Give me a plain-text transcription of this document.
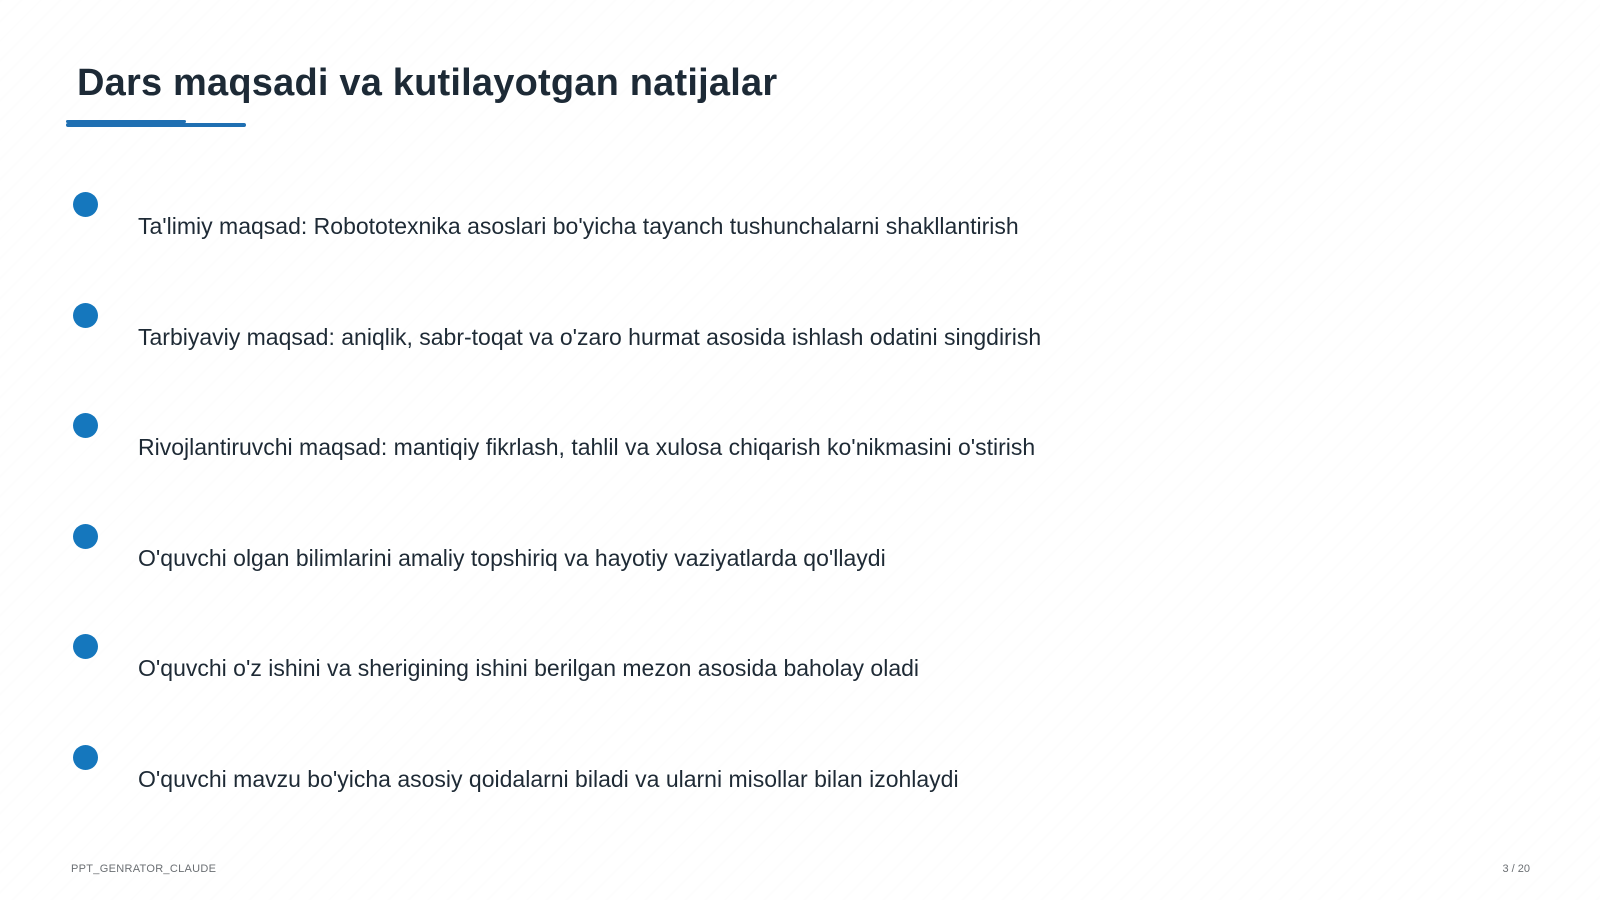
Dars maqsadi va kutilayotgan natijalar
Ta'limiy maqsad: Robototexnika asoslari bo'yicha tayanch tushunchalarni shakllantirish
Tarbiyaviy maqsad: aniqlik, sabr-toqat va o'zaro hurmat asosida ishlash odatini singdirish
Rivojlantiruvchi maqsad: mantiqiy fikrlash, tahlil va xulosa chiqarish ko'nikmasini o'stirish
O'quvchi olgan bilimlarini amaliy topshiriq va hayotiy vaziyatlarda qo'llaydi
O'quvchi o'z ishini va sherigining ishini berilgan mezon asosida baholay oladi
O'quvchi mavzu bo'yicha asosiy qoidalarni biladi va ularni misollar bilan izohlaydi
PPT_GENRATOR_CLAUDE	3 / 20
